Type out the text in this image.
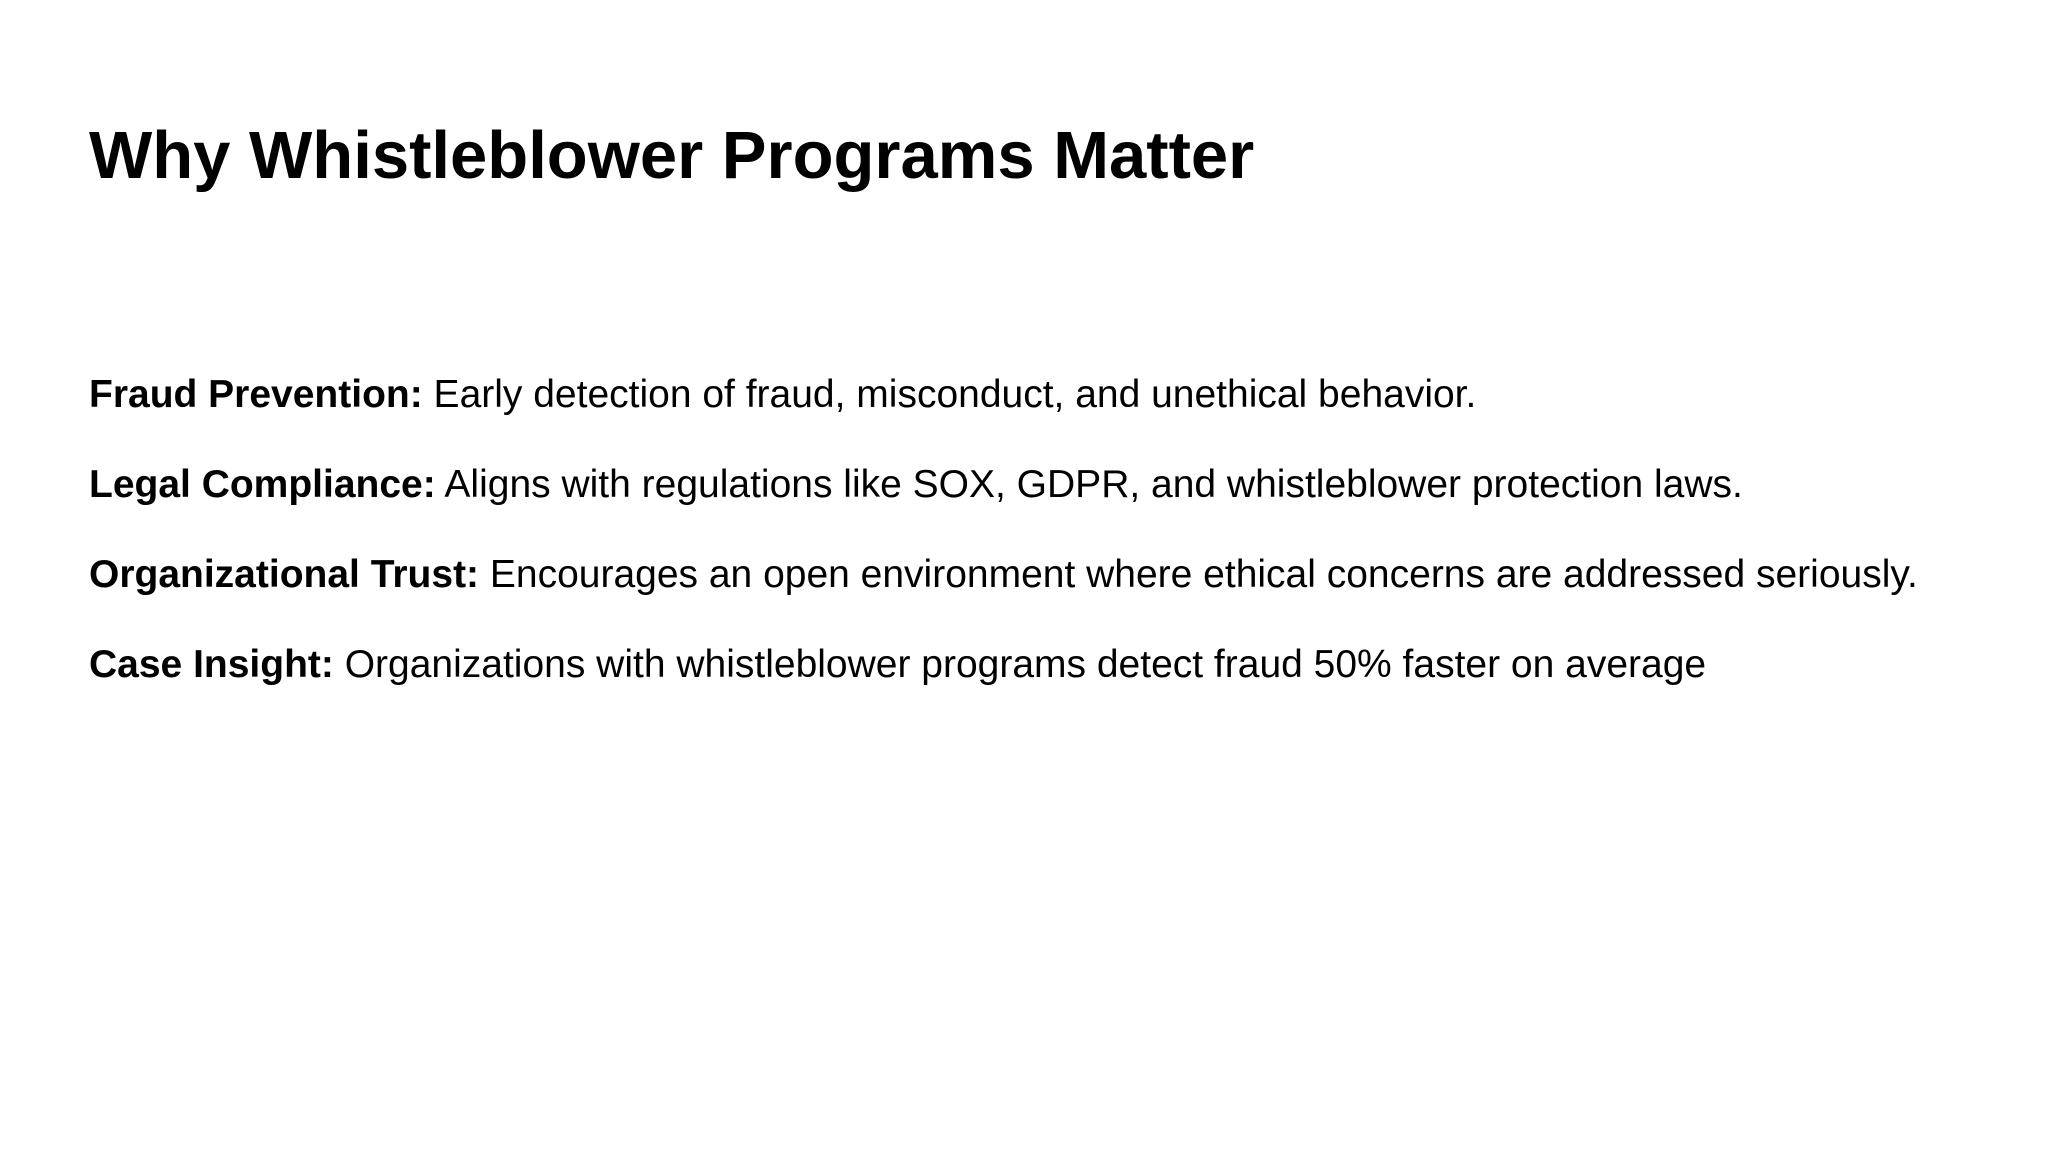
Why Whistleblower Programs Matter
Fraud Prevention: Early detection of fraud, misconduct, and unethical behavior.
Legal Compliance: Aligns with regulations like SOX, GDPR, and whistleblower protection laws.
Organizational Trust: Encourages an open environment where ethical concerns are addressed seriously.
Case Insight: Organizations with whistleblower programs detect fraud 50% faster on average
